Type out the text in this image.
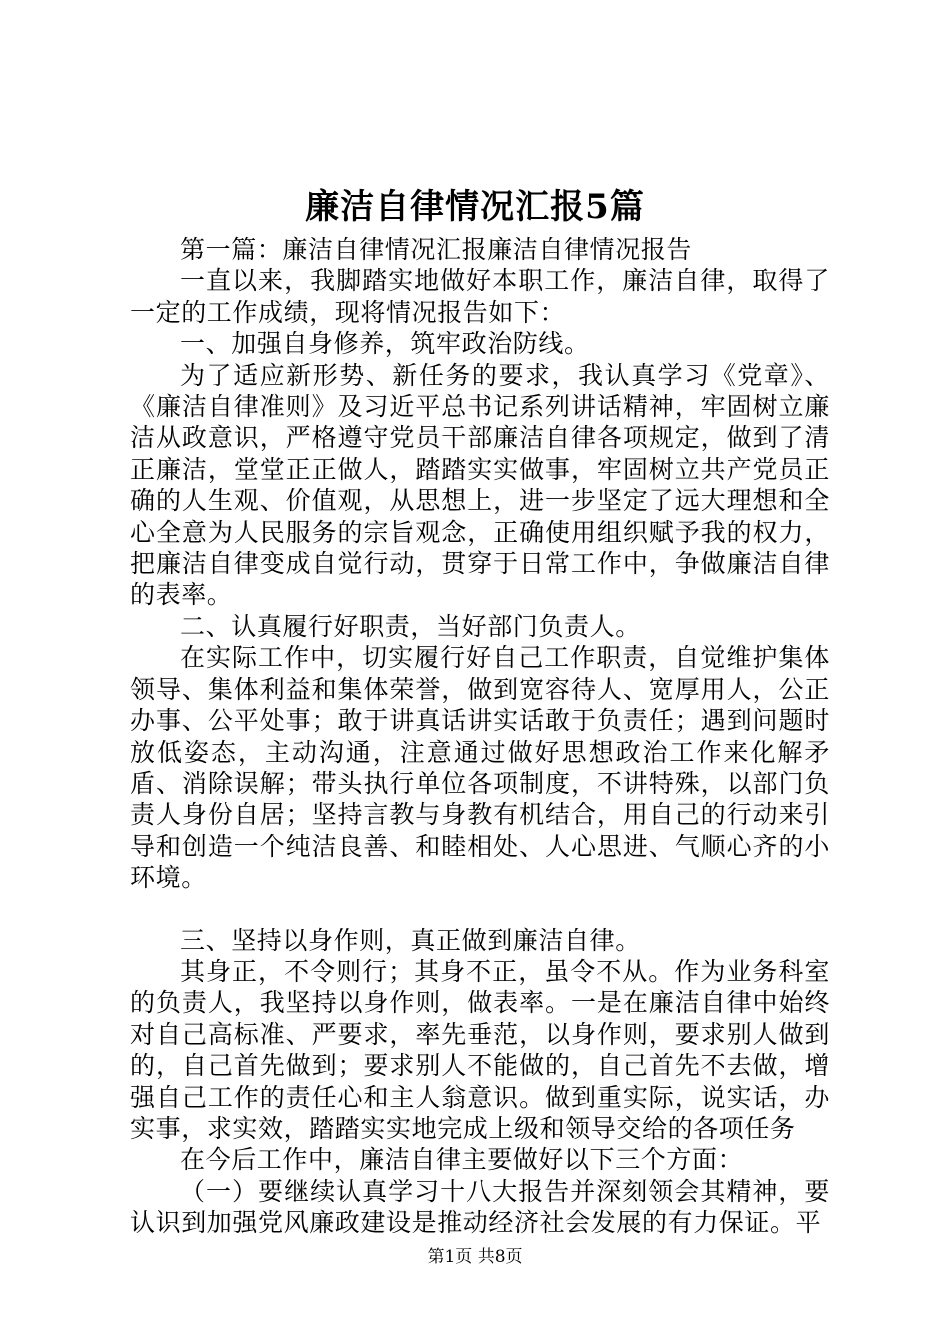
廉洁自律情况汇报5篇

第一篇：廉洁自律情况汇报廉洁自律情况报告

一直以来，我脚踏实地做好本职工作，廉洁自律，取得了一定的工作成绩，现将情况报告如下：

一、加强自身修养，筑牢政治防线。

为了适应新形势、新任务的要求，我认真学习《党章》、《廉洁自律准则》及习近平总书记系列讲话精神，牢固树立廉洁从政意识，严格遵守党员干部廉洁自律各项规定，做到了清正廉洁，堂堂正正做人，踏踏实实做事，牢固树立共产党员正确的人生观、价值观，从思想上，进一步坚定了远大理想和全心全意为人民服务的宗旨观念，正确使用组织赋予我的权力，把廉洁自律变成自觉行动，贯穿于日常工作中，争做廉洁自律的表率。

二、认真履行好职责，当好部门负责人。

在实际工作中，切实履行好自己工作职责，自觉维护集体领导、集体利益和集体荣誉，做到宽容待人、宽厚用人，公正办事、公平处事；敢于讲真话讲实话敢于负责任；遇到问题时放低姿态，主动沟通，注意通过做好思想政治工作来化解矛盾、消除误解；带头执行单位各项制度，不讲特殊，以部门负责人身份自居；坚持言教与身教有机结合，用自己的行动来引导和创造一个纯洁良善、和睦相处、人心思进、气顺心齐的小环境。

三、坚持以身作则，真正做到廉洁自律。

其身正，不令则行；其身不正，虽令不从。作为业务科室的负责人，我坚持以身作则，做表率。一是在廉洁自律中始终对自己高标准、严要求，率先垂范，以身作则，要求别人做到的，自己首先做到；要求别人不能做的，自己首先不去做，增强自己工作的责任心和主人翁意识。做到重实际，说实话，办实事，求实效，踏踏实实地完成上级和领导交给的各项任务

在今后工作中，廉洁自律主要做好以下三个方面：

（一）要继续认真学习十八大报告并深刻领会其精神，要认识到加强党风廉政建设是推动经济社会发展的有力保证。平

第1页 共8页
